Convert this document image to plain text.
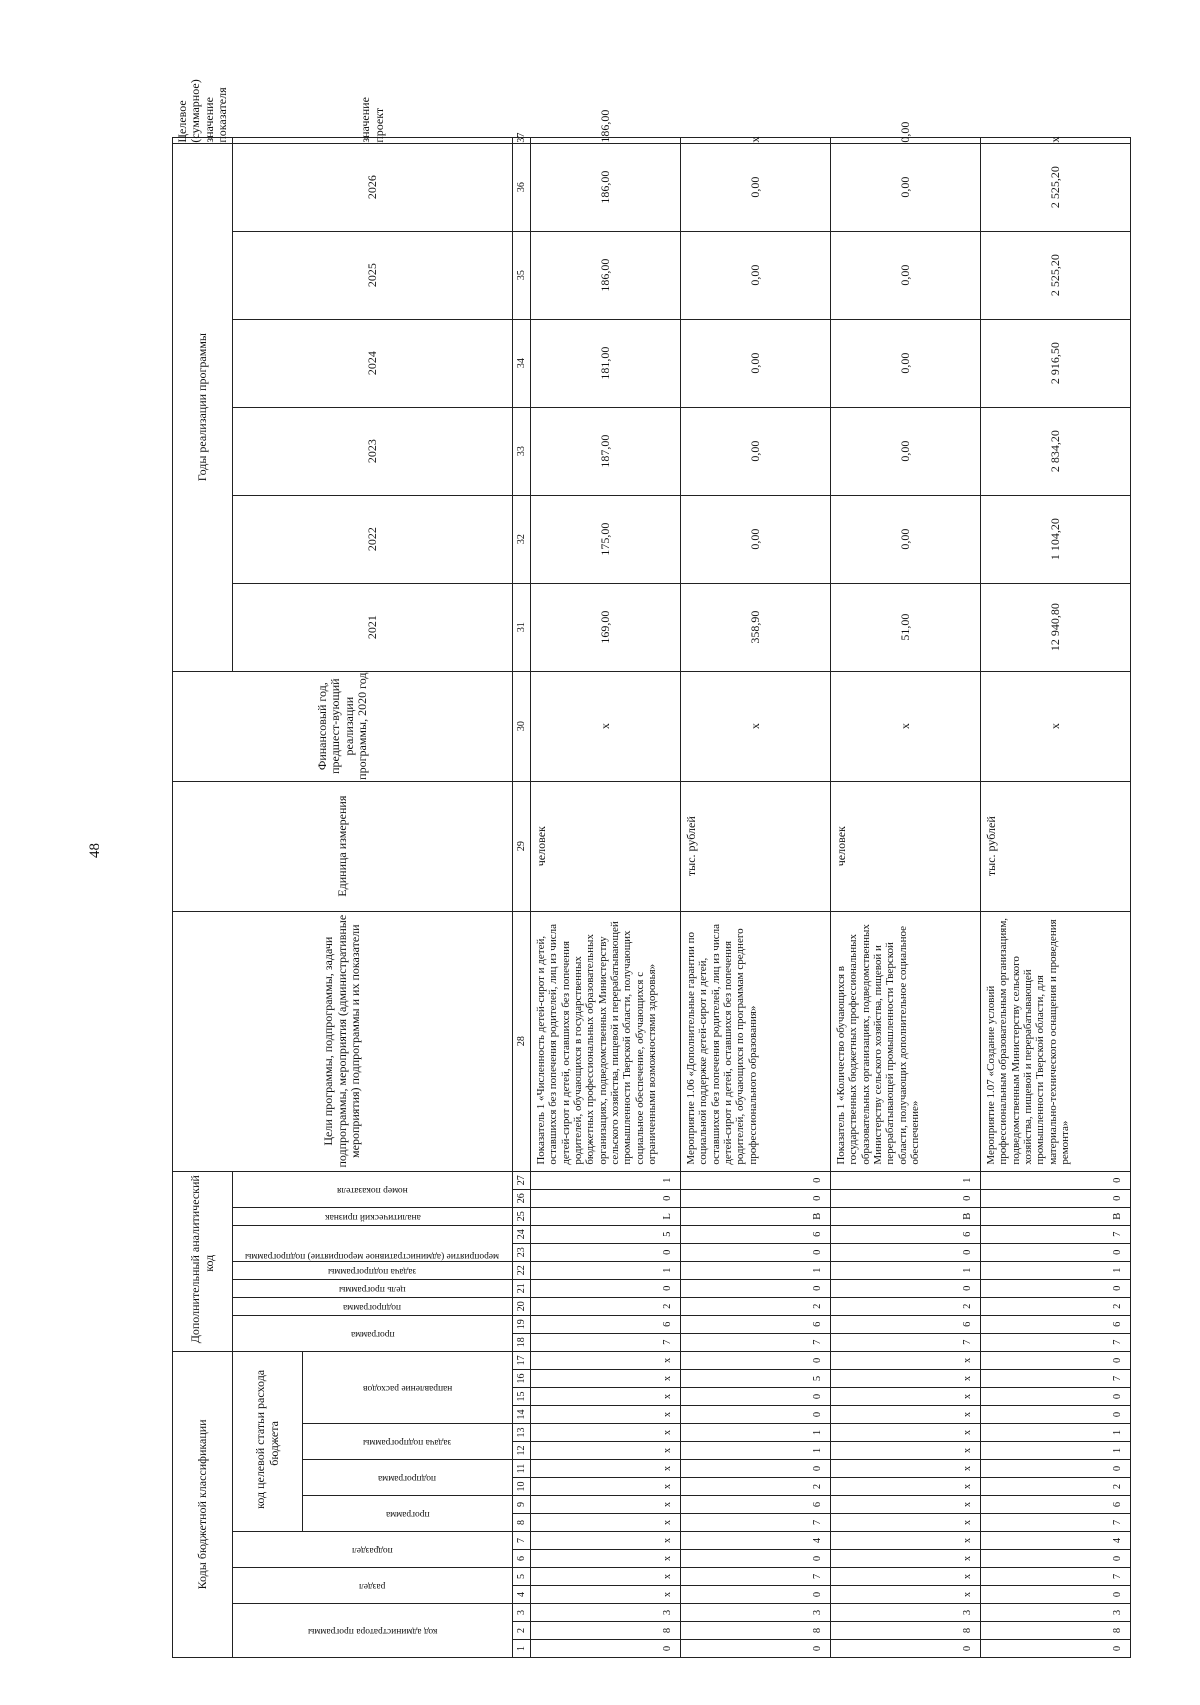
48
Коды бюджетной классификации																	Дополнительный аналитический код										Цели программы, подпрограммы, задачи подпрограммы, мероприятия (административные мероприятия) подпрограммы и их показатели	Единица измерения	Финансовый год, предшест-вующий реализации программы, 2020 год	Годы реализации программы						Целевое (суммарное) значение показателя

код администратора программы			раздел		подраздел		код целевой статьи расхода бюджета										программа		подпрограмма	цель программы	задача подпрограммы	мероприятие (административное мероприятие) подпрограммы		аналитический признак	номер показателя					2021	2022	2023	2024	2025	2026	значение проект

							программа		подпрограмма		задача подпрограммы		направление расходов																							

1	2	3	4	5	6	7	8	9	10	11	12	13	14	15	16	17	18	19	20	21	22	23	24	25	26	27	28	29	30	31	32	33	34	35	36	37
0	8	3	x	x	x	x	x	x	x	x	x	x	x	x	x	x	7	6	2	0	1	0	5	L	0	1	Показатель 1 «Численность детей-сирот и детей, оставшихся без попечения родителей, лиц из числа детей-сирот и детей, оставшихся без попечения родителей, обучающихся в государственных бюджетных профессиональных образовательных организациях, подведомственных Министерству сельского хозяйства, пищевой и перерабатывающей промышленности Тверской области, получающих социальное обеспечение, обучающихся с ограниченными возможностями здоровья»	человек	х	169,00	175,00	187,00	181,00	186,00	186,00	186,00
0	8	3	0	7	0	4	7	6	2	0	1	1	0	0	5	0	7	6	2	0	1	0	6	В	0	0	Мероприятие 1.06 «Дополнительные гарантии по социальной поддержке детей-сирот и детей, оставшихся без попечения родителей, лиц из числа детей-сирот и детей, оставшихся без попечения родителей, обучающихся по программам среднего профессионального образования»	тыс. рублей	х	358,90	0,00	0,00	0,00	0,00	0,00	х
0	8	3	x	x	x	x	x	x	x	x	x	x	x	x	x	x	7	6	2	0	1	0	6	В	0	1	Показатель 1 «Количество обучающихся в государственных бюджетных профессиональных образовательных организациях, подведомственных Министерству сельского хозяйства, пищевой и перерабатывающей промышленности Тверской области, получающих дополнительное социальное обеспечение»	человек	х	51,00	0,00	0,00	0,00	0,00	0,00	0,00
0	8	3	0	7	0	4	7	6	2	0	1	1	0	0	7	0	7	6	2	0	1	0	7	В	0	0	Мероприятие 1.07 «Создание условий профессиональным образовательным организациям, подведомственным Министерству сельского хозяйства, пищевой и перерабатывающей промышленности Тверской области, для материально-технического оснащения и проведения ремонта»	тыс. рублей	х	12 940,80	1 104,20	2 834,20	2 916,50	2 525,20	2 525,20	х
